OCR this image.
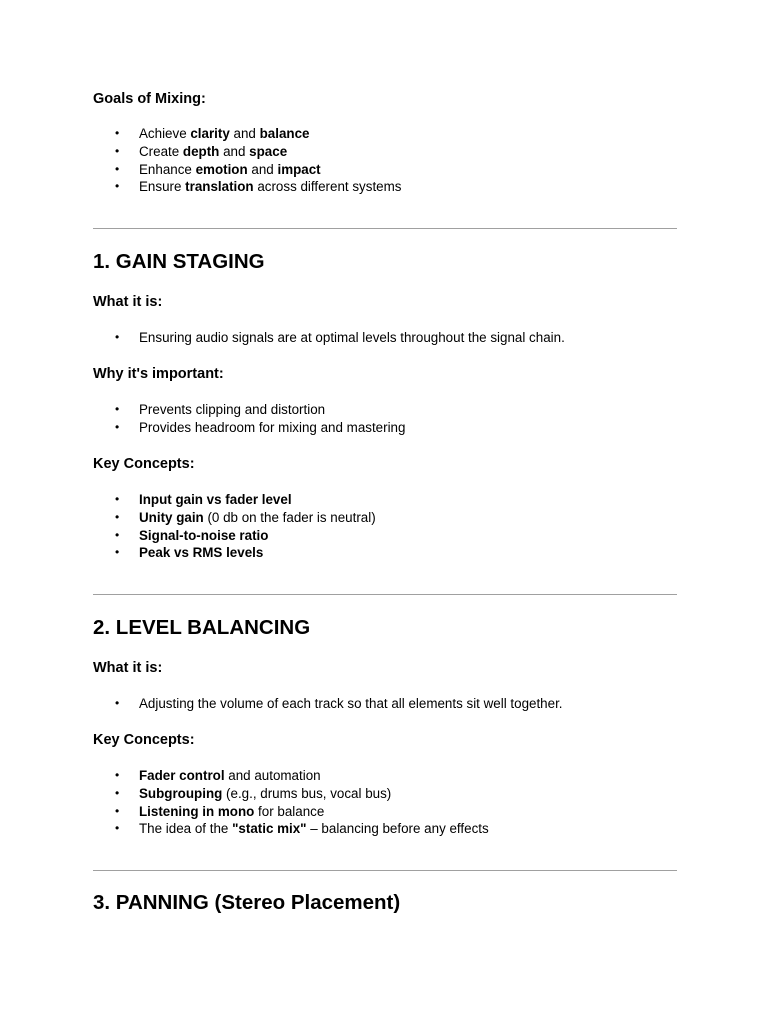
Goals of Mixing:
• Achieve clarity and balance
• Create depth and space
• Enhance emotion and impact
• Ensure translation across different systems
1. GAIN STAGING
What it is:
• Ensuring audio signals are at optimal levels throughout the signal chain.
Why it's important:
• Prevents clipping and distortion
• Provides headroom for mixing and mastering
Key Concepts:
• Input gain vs fader level
• Unity gain (0 db on the fader is neutral)
• Signal-to-noise ratio
• Peak vs RMS levels
2. LEVEL BALANCING
What it is:
• Adjusting the volume of each track so that all elements sit well together.
Key Concepts:
• Fader control and automation
• Subgrouping (e.g., drums bus, vocal bus)
• Listening in mono for balance
• The idea of the "static mix" – balancing before any effects
3. PANNING (Stereo Placement)
